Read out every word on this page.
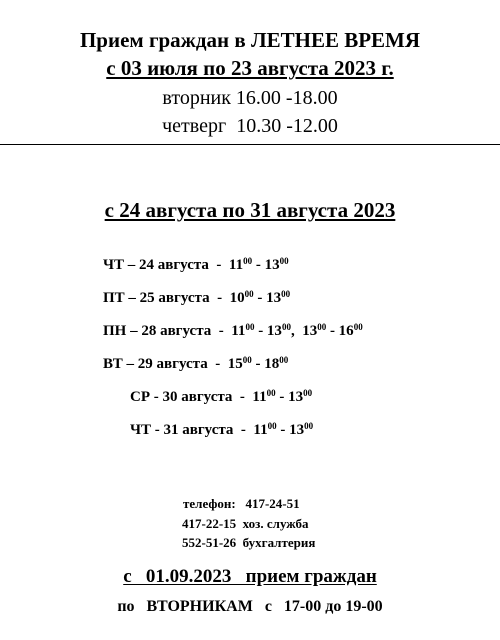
Прием граждан в ЛЕТНЕЕ ВРЕМЯ
с 03 июля по 23 августа 2023 г.
вторник 16.00 -18.00
четверг  10.30 -12.00
с 24 августа по 31 августа 2023
ЧТ – 24 августа  -  $11^{00} - 13^{00}$
ПТ – 25 августа  -  $10^{00} - 13^{00}$
ПН – 28 августа  -  $11^{00} - 13^{00}$,  $13^{00} - 16^{00}$
ВТ – 29 августа  -  $15^{00} - 18^{00}$
СР - 30 августа  -  $11^{00} - 13^{00}$
ЧТ - 31 августа  -  $11^{00} - 13^{00}$
телефон: 417-24-51
417-22-15  хоз. служба
552-51-26  бухгалтерия
с   01.09.2023   прием граждан
по   ВТОРНИКАМ   с   17-00 до 19-00
